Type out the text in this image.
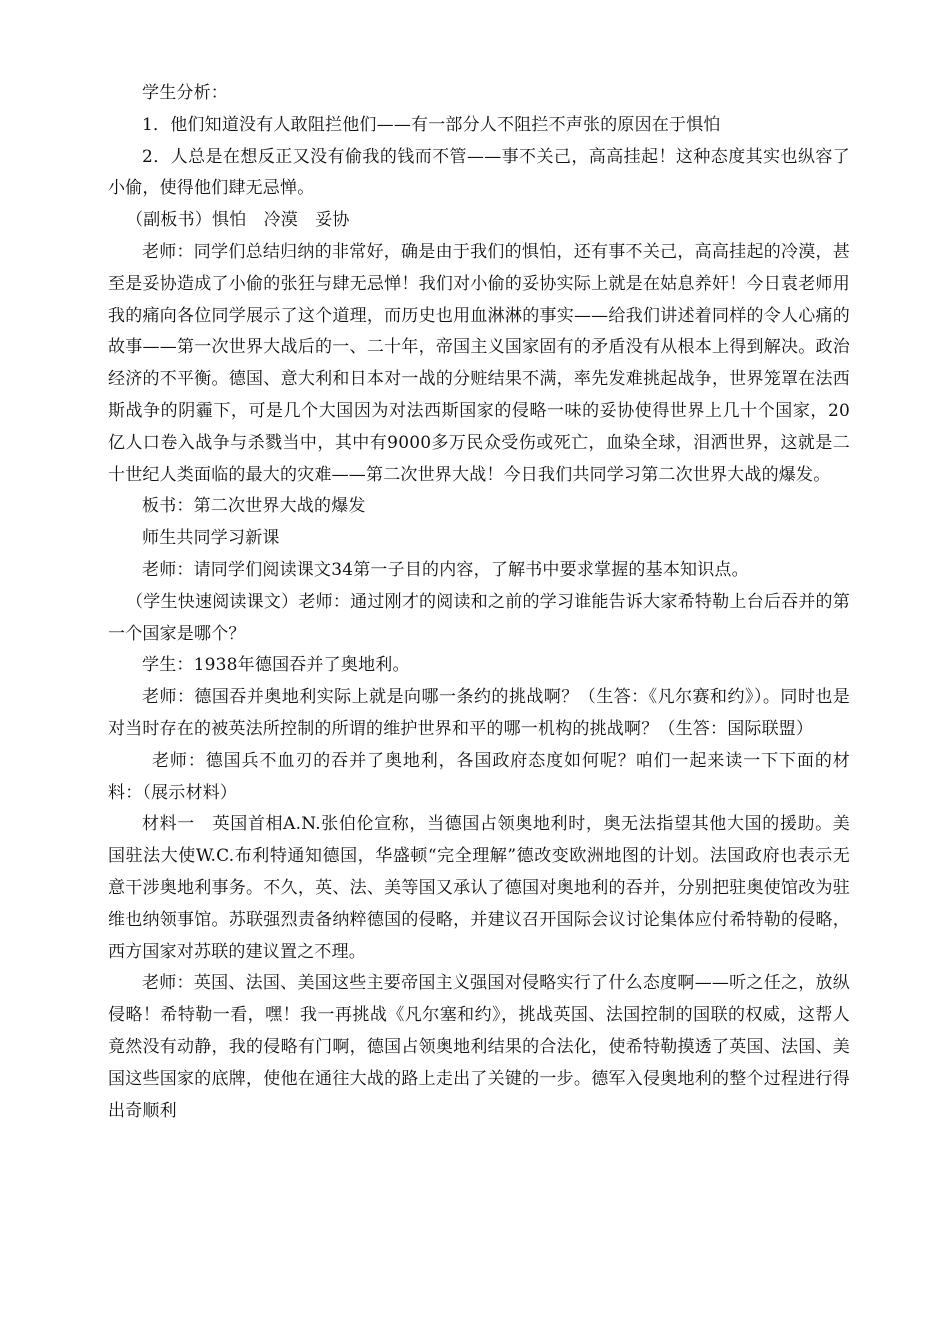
学生分析：

1．他们知道没有人敢阻拦他们——有一部分人不阻拦不声张的原因在于惧怕

2．人总是在想反正又没有偷我的钱而不管——事不关己，高高挂起！这种态度其实也纵容了小偷，使得他们肆无忌惮。

（副板书）惧怕　冷漠　妥协

老师：同学们总结归纳的非常好，确是由于我们的惧怕，还有事不关己，高高挂起的冷漠，甚至是妥协造成了小偷的张狂与肆无忌惮！我们对小偷的妥协实际上就是在姑息养奸！今日袁老师用我的痛向各位同学展示了这个道理，而历史也用血淋淋的事实——给我们讲述着同样的令人心痛的故事——第一次世界大战后的一、二十年，帝国主义国家固有的矛盾没有从根本上得到解决。政治经济的不平衡。德国、意大利和日本对一战的分赃结果不满，率先发难挑起战争，世界笼罩在法西斯战争的阴霾下，可是几个大国因为对法西斯国家的侵略一味的妥协使得世界上几十个国家，20亿人口卷入战争与杀戮当中，其中有9000多万民众受伤或死亡，血染全球，泪洒世界，这就是二十世纪人类面临的最大的灾难——第二次世界大战！今日我们共同学习第二次世界大战的爆发。

板书：第二次世界大战的爆发

师生共同学习新课

老师：请同学们阅读课文34第一子目的内容，了解书中要求掌握的基本知识点。

（学生快速阅读课文）老师：通过刚才的阅读和之前的学习谁能告诉大家希特勒上台后吞并的第一个国家是哪个？

学生：1938年德国吞并了奥地利。

老师：德国吞并奥地利实际上就是向哪一条约的挑战啊？（生答：《凡尔赛和约》）。同时也是对当时存在的被英法所控制的所谓的维护世界和平的哪一机构的挑战啊？（生答：国际联盟）

老师：德国兵不血刃的吞并了奥地利，各国政府态度如何呢？咱们一起来读一下下面的材料：（展示材料）

材料一　英国首相A.N.张伯伦宣称，当德国占领奥地利时，奥无法指望其他大国的援助。美国驻法大使W.C.布利特通知德国，华盛顿“完全理解”德改变欧洲地图的计划。法国政府也表示无意干涉奥地利事务。不久，英、法、美等国又承认了德国对奥地利的吞并，分别把驻奥使馆改为驻维也纳领事馆。苏联强烈责备纳粹德国的侵略，并建议召开国际会议讨论集体应付希特勒的侵略，西方国家对苏联的建议置之不理。

老师：英国、法国、美国这些主要帝国主义强国对侵略实行了什么态度啊——听之任之，放纵侵略！希特勒一看，嘿！我一再挑战《凡尔塞和约》，挑战英国、法国控制的国联的权威，这帮人竟然没有动静，我的侵略有门啊，德国占领奥地利结果的合法化，使希特勒摸透了英国、法国、美国这些国家的底牌，使他在通往大战的路上走出了关键的一步。德军入侵奥地利的整个过程进行得出奇顺利
